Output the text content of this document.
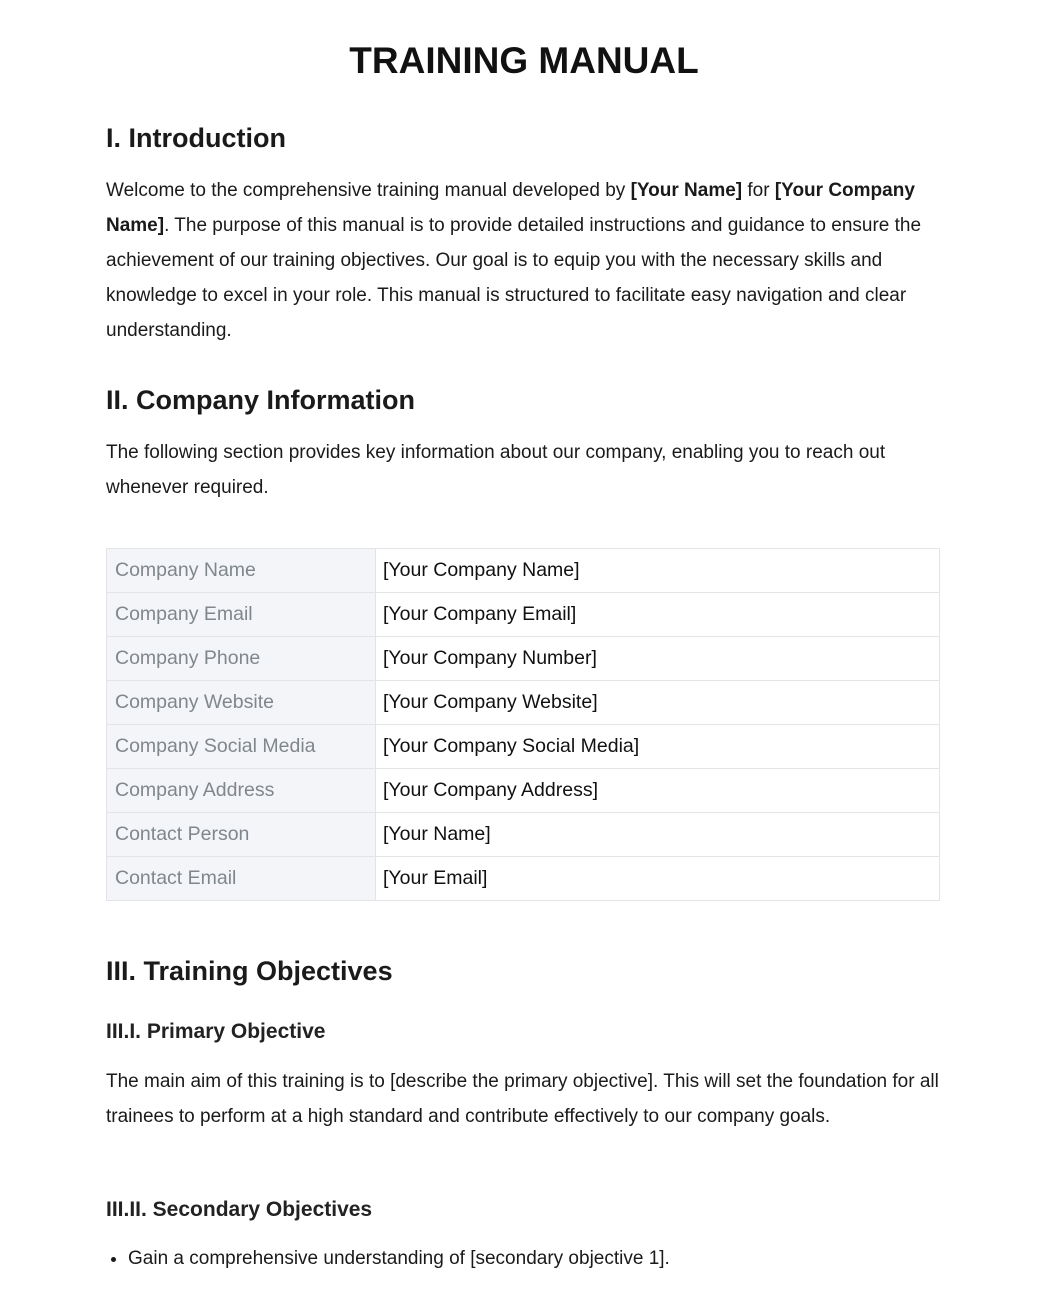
TRAINING MANUAL
I. Introduction

Welcome to the comprehensive training manual developed by [Your Name] for [Your Company Name]. The purpose of this manual is to provide detailed instructions and guidance to ensure the achievement of our training objectives. Our goal is to equip you with the necessary skills and knowledge to excel in your role. This manual is structured to facilitate easy navigation and clear understanding.

II. Company Information

The following section provides key information about our company, enabling you to reach out whenever required.

Company Name	[Your Company Name]
Company Email	[Your Company Email]
Company Phone	[Your Company Number]
Company Website	[Your Company Website]
Company Social Media	[Your Company Social Media]
Company Address	[Your Company Address]
Contact Person	[Your Name]
Contact Email	[Your Email]
III. Training Objectives
III.I. Primary Objective

The main aim of this training is to [describe the primary objective]. This will set the foundation for all trainees to perform at a high standard and contribute effectively to our company goals.

III.II. Secondary Objectives
• Gain a comprehensive understanding of [secondary objective 1].
